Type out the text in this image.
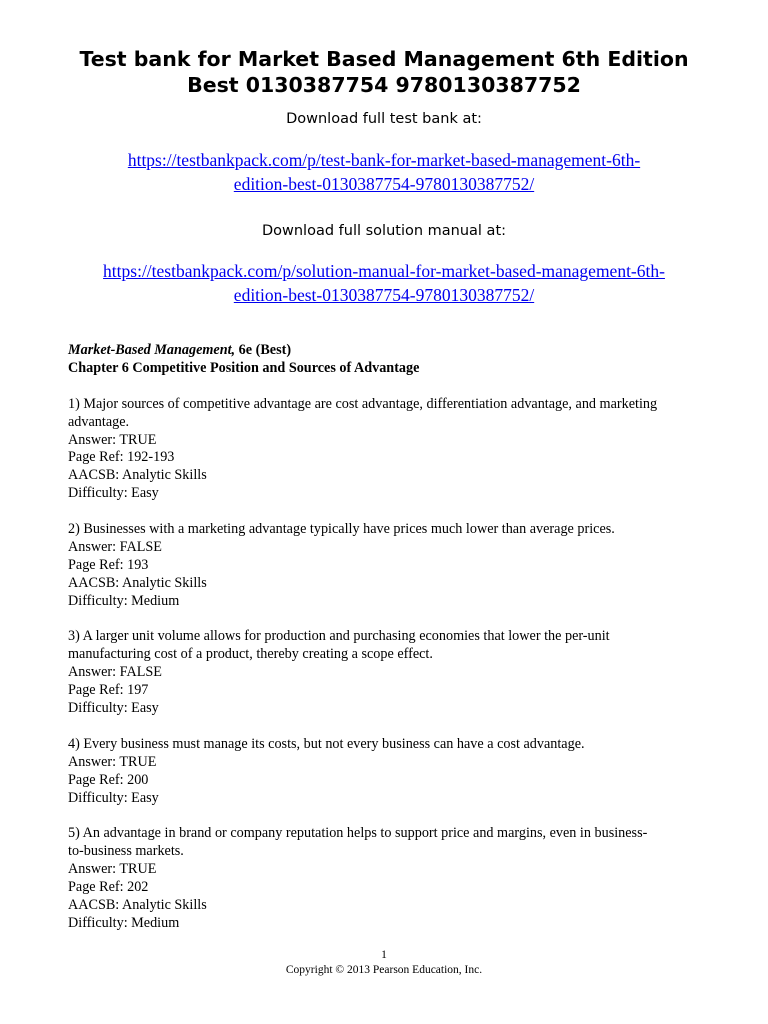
Test bank for Market Based Management 6th Edition

Best 0130387754 9780130387752

Download full test bank at:

https://testbankpack.com/p/test-bank-for-market-based-management-6th-
edition-best-0130387754-9780130387752/

Download full solution manual at:

https://testbankpack.com/p/solution-manual-for-market-based-management-6th-
edition-best-0130387754-9780130387752/
Market-Based Management, 6e (Best)
Chapter 6 Competitive Position and Sources of Advantage

1) Major sources of competitive advantage are cost advantage, differentiation advantage, and marketing

advantage.

Answer: TRUE

Page Ref: 192-193

AACSB: Analytic Skills

Difficulty: Easy

2) Businesses with a marketing advantage typically have prices much lower than average prices.

Answer: FALSE

Page Ref: 193

AACSB: Analytic Skills

Difficulty: Medium

3) A larger unit volume allows for production and purchasing economies that lower the per-unit

manufacturing cost of a product, thereby creating a scope effect.

Answer: FALSE

Page Ref: 197

Difficulty: Easy

4) Every business must manage its costs, but not every business can have a cost advantage.

Answer: TRUE

Page Ref: 200

Difficulty: Easy

5) An advantage in brand or company reputation helps to support price and margins, even in business-

to-business markets.

Answer: TRUE

Page Ref: 202

AACSB: Analytic Skills

Difficulty: Medium

1
Copyright © 2013 Pearson Education, Inc.
